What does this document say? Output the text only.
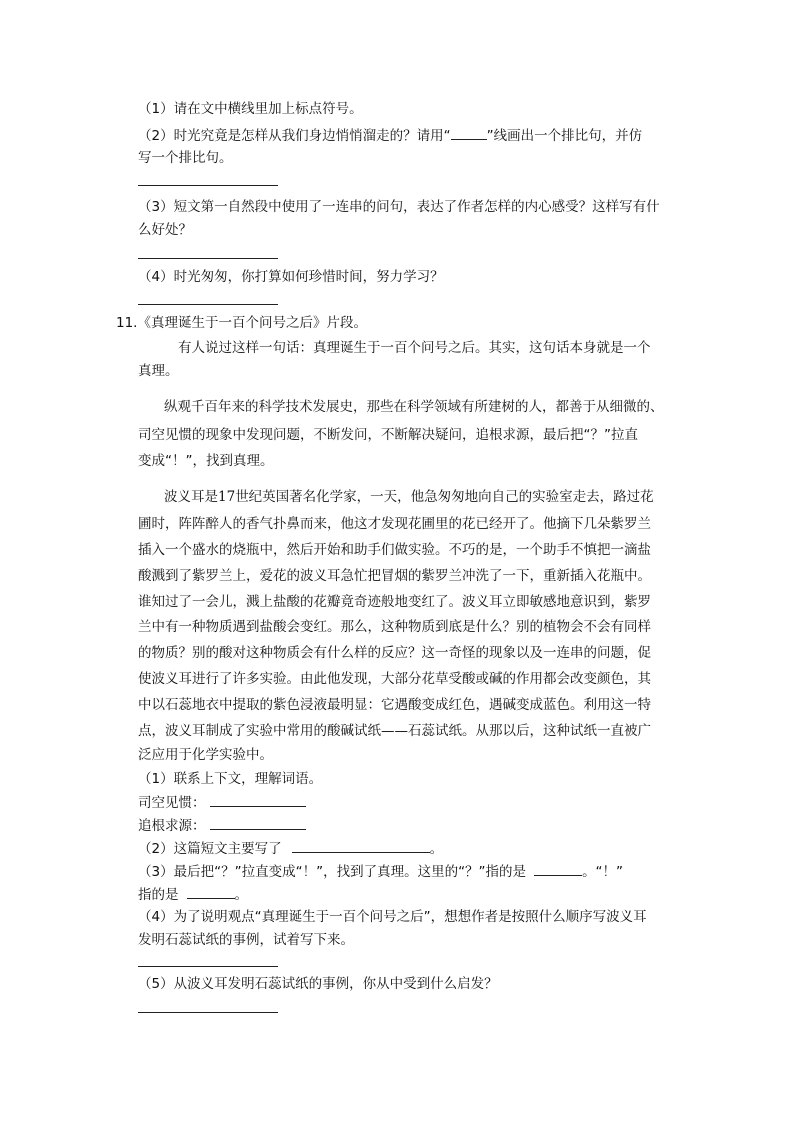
（1）请在文中横线里加上标点符号。
（2）时光究竟是怎样从我们身边悄悄溜走的？请用“	”线画出一个排比句，并仿
写一个排比句。
（3）短文第一自然段中使用了一连串的问句，表达了作者怎样的内心感受？这样写有什
么好处？
（4）时光匆匆，你打算如何珍惜时间，努力学习？
11.《真理诞生于一百个问号之后》片段。
有人说过这样一句话：真理诞生于一百个问号之后。其实，这句话本身就是一个
真理。
纵观千百年来的科学技术发展史，那些在科学领域有所建树的人，都善于从细微的、
司空见惯的现象中发现问题，不断发问，不断解决疑问，追根求源，最后把“？”拉直
变成“！”，找到真理。
波义耳是17世纪英国著名化学家，一天，他急匆匆地向自己的实验室走去，路过花
圃时，阵阵醉人的香气扑鼻而来，他这才发现花圃里的花已经开了。他摘下几朵紫罗兰
插入一个盛水的烧瓶中，然后开始和助手们做实验。不巧的是，一个助手不慎把一滴盐
酸溅到了紫罗兰上，爱花的波义耳急忙把冒烟的紫罗兰冲洗了一下，重新插入花瓶中。
谁知过了一会儿，溅上盐酸的花瓣竟奇迹般地变红了。波义耳立即敏感地意识到，紫罗
兰中有一种物质遇到盐酸会变红。那么，这种物质到底是什么？别的植物会不会有同样
的物质？别的酸对这种物质会有什么样的反应？这一奇怪的现象以及一连串的问题，促
使波义耳进行了许多实验。由此他发现，大部分花草受酸或碱的作用都会改变颜色，其
中以石蕊地衣中提取的紫色浸液最明显：它遇酸变成红色，遇碱变成蓝色。利用这一特
点，波义耳制成了实验中常用的酸碱试纸——石蕊试纸。从那以后，这种试纸一直被广
泛应用于化学实验中。
（1）联系上下文，理解词语。
司空见惯：
追根求源：
（2）这篇短文主要写了	。
（3）最后把“？”拉直变成“！”，找到了真理。这里的“？”指的是	。“！”
指的是	。
（4）为了说明观点“真理诞生于一百个问号之后”，想想作者是按照什么顺序写波义耳
发明石蕊试纸的事例，试着写下来。
（5）从波义耳发明石蕊试纸的事例，你从中受到什么启发？
